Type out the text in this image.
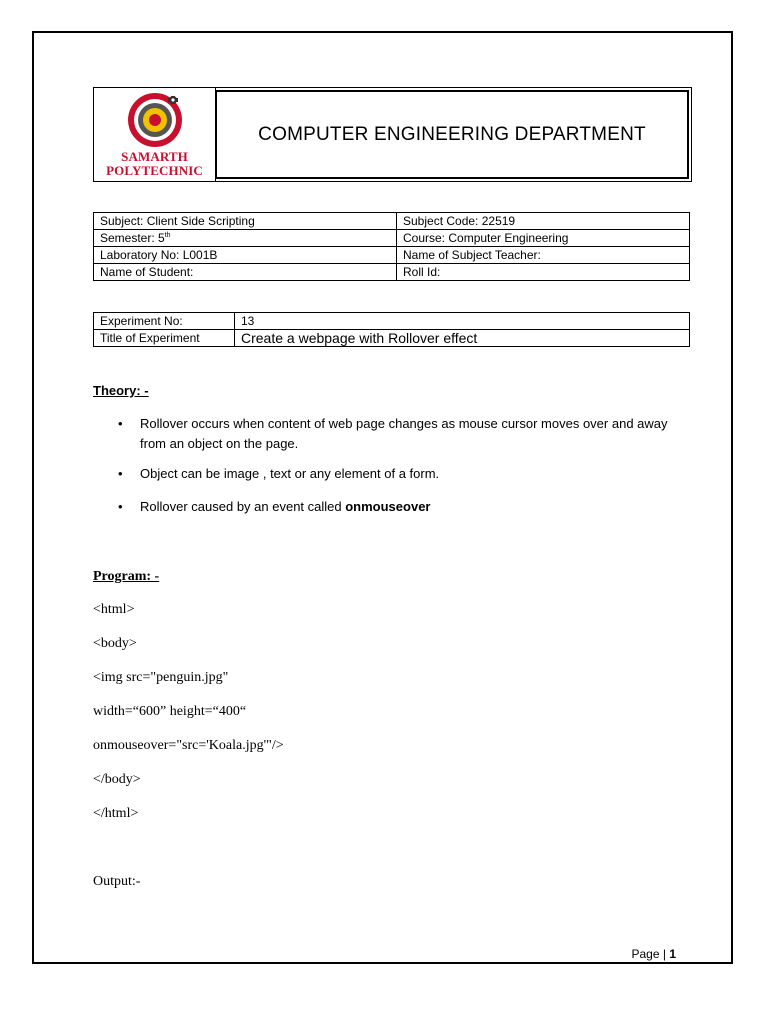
SAMARTH
POLYTECHNIC
COMPUTER ENGINEERING DEPARTMENT
Subject: Client Side Scripting	Subject Code: 22519
Semester: 5th	Course: Computer Engineering
Laboratory No: L001B	Name of Subject Teacher:
Name of Student:	Roll Id:
Experiment No:	13
Title of Experiment	Create a webpage with Rollover effect
Theory: -
• Rollover occurs when content of web page changes as mouse cursor moves over and away from an object on the page.
• Object can be image , text or any element of a form.
• Rollover caused by an event called onmouseover
Program: -
<html>
<body>
<img src="penguin.jpg"
width=“600” height=“400“
onmouseover="src='Koala.jpg'"/>
</body>
</html>
Output:-
Page | 1
